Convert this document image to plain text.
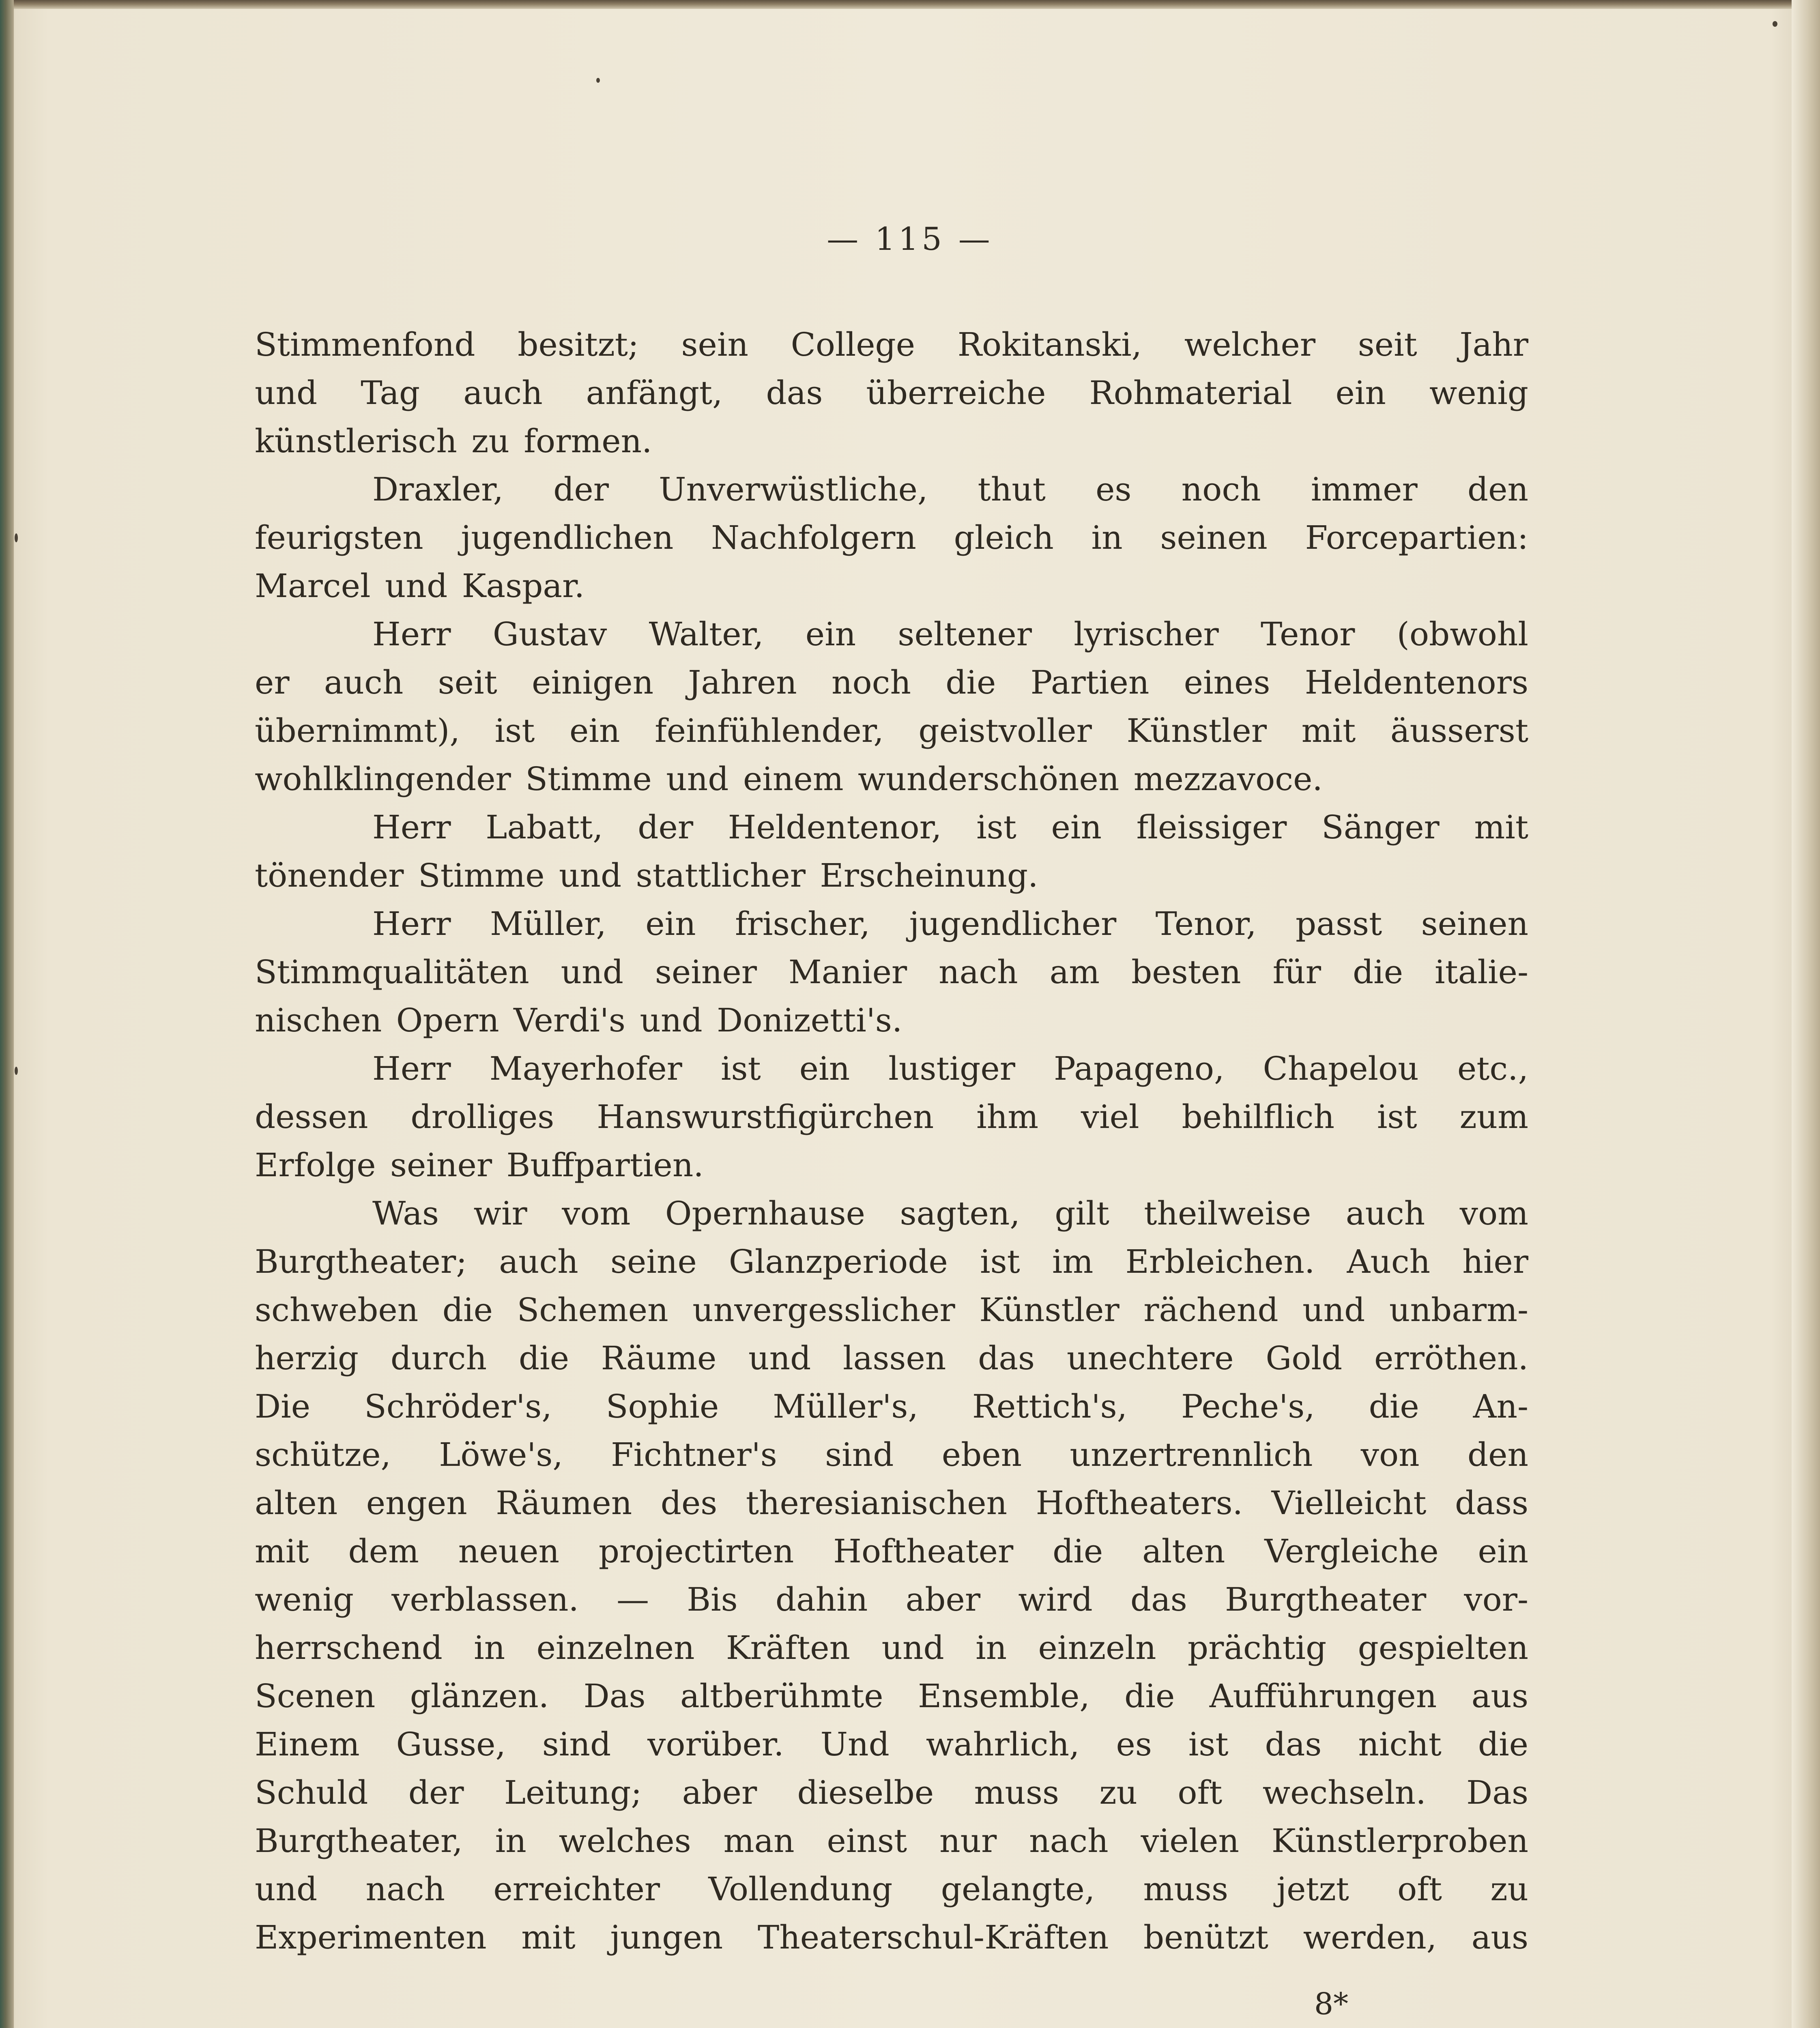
— 115 —

Stimmenfond besitzt; sein College Rokitanski, welcher seit Jahr
und Tag auch anfängt, das überreiche Rohmaterial ein wenig
künstlerisch zu formen.
Draxler, der Unverwüstliche, thut es noch immer den
feurigsten jugendlichen Nachfolgern gleich in seinen Forcepartien:
Marcel und Kaspar.
Herr Gustav Walter, ein seltener lyrischer Tenor (obwohl
er auch seit einigen Jahren noch die Partien eines Heldentenors
übernimmt), ist ein feinfühlender, geistvoller Künstler mit äusserst
wohlklingender Stimme und einem wunderschönen mezzavoce.
Herr Labatt, der Heldentenor, ist ein fleissiger Sänger mit
tönender Stimme und stattlicher Erscheinung.
Herr Müller, ein frischer, jugendlicher Tenor, passt seinen
Stimmqualitäten und seiner Manier nach am besten für die italie-
nischen Opern Verdi's und Donizetti's.
Herr Mayerhofer ist ein lustiger Papageno, Chapelou etc.,
dessen drolliges Hanswurstfigürchen ihm viel behilflich ist zum
Erfolge seiner Buffpartien.
Was wir vom Opernhause sagten, gilt theilweise auch vom
Burgtheater; auch seine Glanzperiode ist im Erbleichen. Auch hier
schweben die Schemen unvergesslicher Künstler rächend und unbarm-
herzig durch die Räume und lassen das unechtere Gold erröthen.
Die Schröder's, Sophie Müller's, Rettich's, Peche's, die An-
schütze, Löwe's, Fichtner's sind eben unzertrennlich von den
alten engen Räumen des theresianischen Hoftheaters. Vielleicht dass
mit dem neuen projectirten Hoftheater die alten Vergleiche ein
wenig verblassen. — Bis dahin aber wird das Burgtheater vor-
herrschend in einzelnen Kräften und in einzeln prächtig gespielten
Scenen glänzen. Das altberühmte Ensemble, die Aufführungen aus
Einem Gusse, sind vorüber. Und wahrlich, es ist das nicht die
Schuld der Leitung; aber dieselbe muss zu oft wechseln. Das
Burgtheater, in welches man einst nur nach vielen Künstlerproben
und nach erreichter Vollendung gelangte, muss jetzt oft zu
Experimenten mit jungen Theaterschul-Kräften benützt werden, aus

8*
